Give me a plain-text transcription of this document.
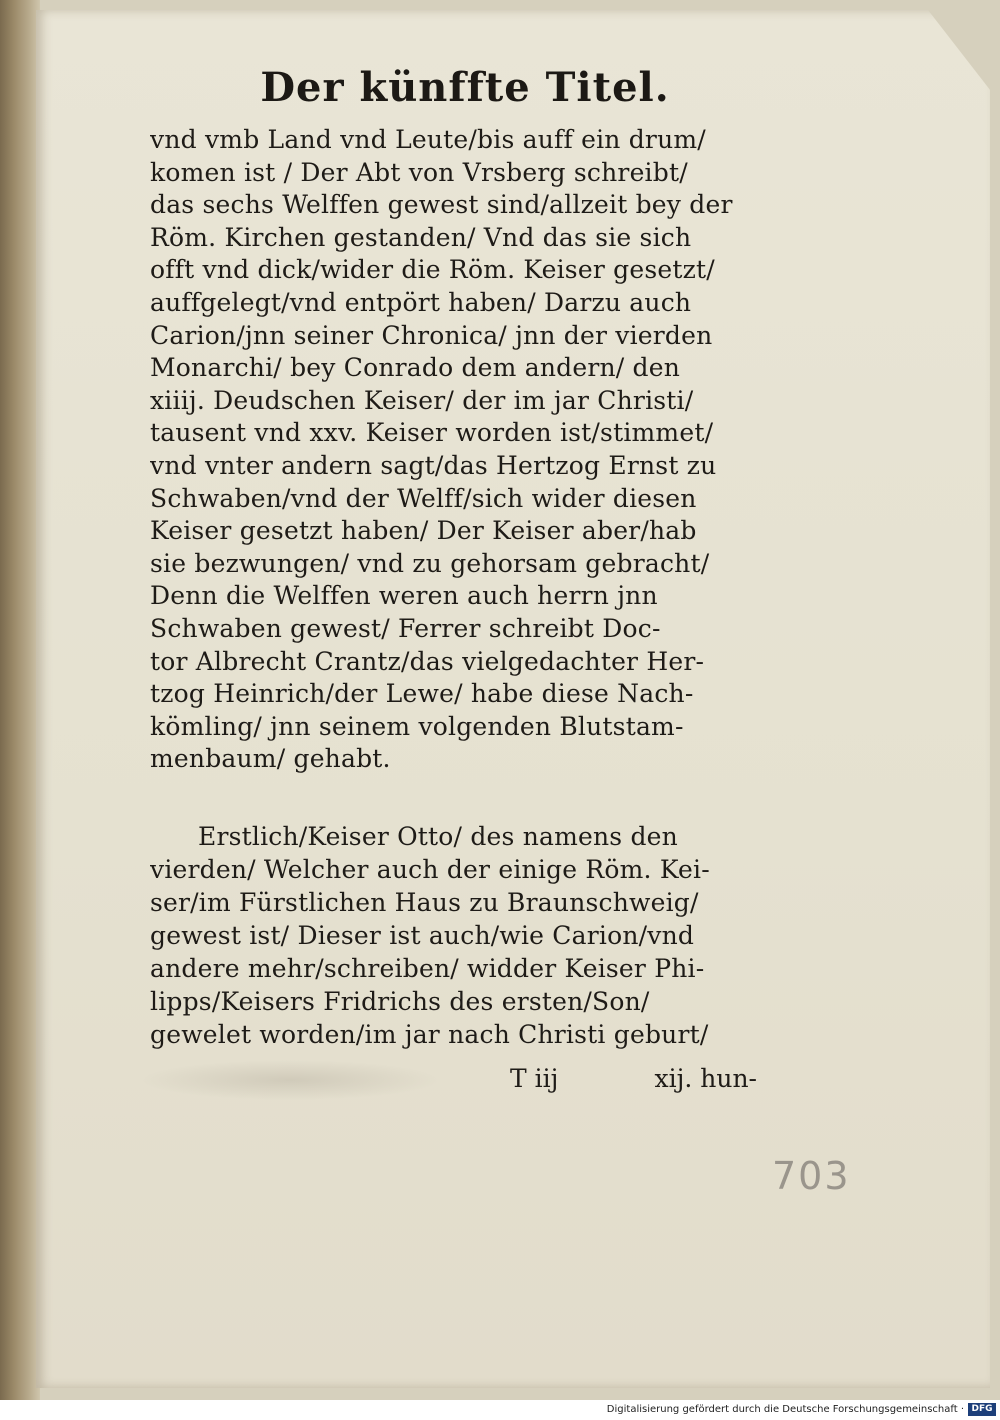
Der künffte Titel.
vnd vmb Land vnd Leute/bis auff ein drum/
komen ist / Der Abt von Vrsberg schreibt/
das sechs Welffen gewest sind/allzeit bey der
Röm. Kirchen gestanden/ Vnd das sie sich
offt vnd dick/wider die Röm. Keiser gesetzt/
auffgelegt/vnd entpört haben/ Darzu auch
Carion/jnn seiner Chronica/ jnn der vierden
Monarchi/ bey Conrado dem andern/ den
xiiij. Deudschen Keiser/ der im jar Christi/
tausent vnd xxv. Keiser worden ist/stimmet/
vnd vnter andern sagt/das Hertzog Ernst zu
Schwaben/vnd der Welff/sich wider diesen
Keiser gesetzt haben/ Der Keiser aber/hab
sie bezwungen/ vnd zu gehorsam gebracht/
Denn die Welffen weren auch herrn jnn
Schwaben gewest/ Ferrer schreibt Doc-
tor Albrecht Crantz/das vielgedachter Her-
tzog Heinrich/der Lewe/ habe diese Nach-
kömling/ jnn seinem volgenden Blutstam-
menbaum/ gehabt.
Erstlich/Keiser Otto/ des namens den
vierden/ Welcher auch der einige Röm. Kei-
ser/im Fürstlichen Haus zu Braunschweig/
gewest ist/ Dieser ist auch/wie Carion/vnd
andere mehr/schreiben/ widder Keiser Phi-
lipps/Keisers Fridrichs des ersten/Son/
gewelet worden/im jar nach Christi geburt/
T iij	xij. hun-
703
Digitalisierung gefördert durch die Deutsche Forschungsgemeinschaft · DFG
